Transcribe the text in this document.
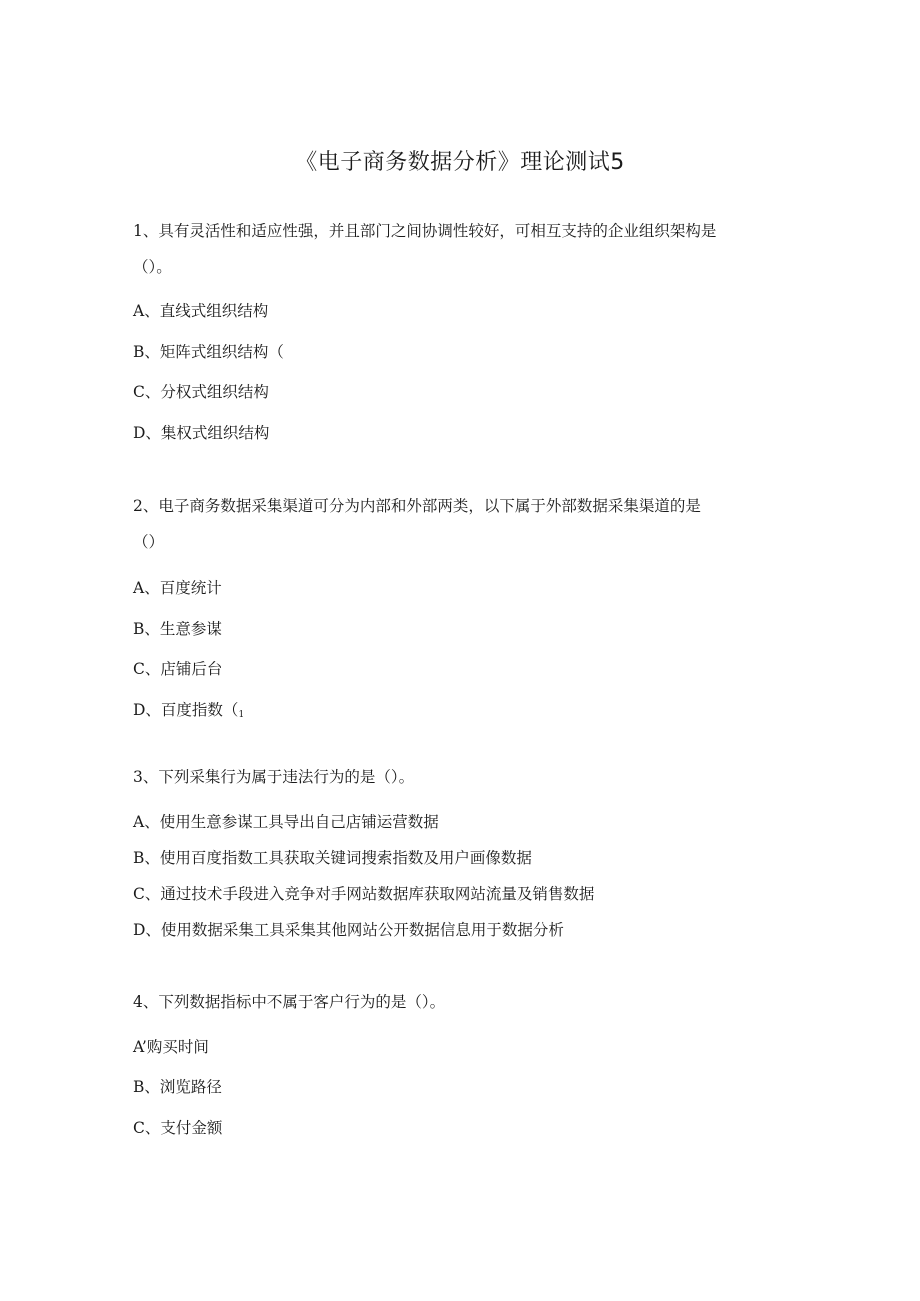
《电子商务数据分析》理论测试5
1、具有灵活性和适应性强，并且部门之间协调性较好，可相互支持的企业组织架构是
（）。
A、直线式组织结构
B、矩阵式组织结构（
C、分权式组织结构
D、集权式组织结构
2、电子商务数据采集渠道可分为内部和外部两类，以下属于外部数据采集渠道的是
（）
A、百度统计
B、生意参谋
C、店铺后台
D、百度指数（1
3、下列采集行为属于违法行为的是（）。
A、使用生意参谋工具导出自己店铺运营数据
B、使用百度指数工具获取关键词搜索指数及用户画像数据
C、通过技术手段进入竞争对手网站数据库获取网站流量及销售数据
D、使用数据采集工具采集其他网站公开数据信息用于数据分析
4、下列数据指标中不属于客户行为的是（）。
A’购买时间
B、浏览路径
C、支付金额
